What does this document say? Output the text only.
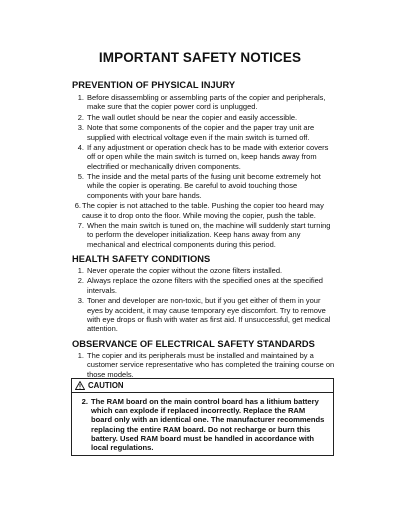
IMPORTANT SAFETY NOTICES
PREVENTION OF PHYSICAL INJURY
1. Before disassembling or assembling parts of the copier and peripherals, make sure that the copier power cord is unplugged.
2. The wall outlet should be near the copier and easily accessible.
3. Note that some components of the copier and the paper tray unit are supplied with electrical voltage even if the main switch is turned off.
4. If any adjustment or operation check has to be made with exterior covers off or open while the main switch is turned on, keep hands away from electrified or mechanically driven components.
5. The inside and the metal parts of the fusing unit become extremely hot while the copier is operating. Be careful to avoid touching those components with your bare hands.
6. The copier is not attached to the table. Pushing the copier too heard may cause it to drop onto the floor. While moving the copier, push the table.
7. When the main switch is tuned on, the machine will suddenly start turning to perform the developer initialization. Keep hans away from any mechanical and electrical components during this period.
HEALTH SAFETY CONDITIONS
1. Never operate the copier without the ozone filters installed.
2. Always replace the ozone filters with the specified ones at the specified intervals.
3. Toner and developer are non-toxic, but if you get either of them in your eyes by accident, it may cause temporary eye discomfort. Try to remove with eye drops or flush with water as first aid. If unsuccessful, get medical attention.
OBSERVANCE OF ELECTRICAL SAFETY STANDARDS
1. The copier and its peripherals must be installed and maintained by a customer service representative who has completed the training course on those models.
CAUTION
2. The RAM board on the main control board has a lithium battery which can explode if replaced incorrectly. Replace the RAM board only with an identical one. The manufacturer recommends replacing the entire RAM board. Do not recharge or burn this battery. Used RAM board must be handled in accordance with local regulations.
